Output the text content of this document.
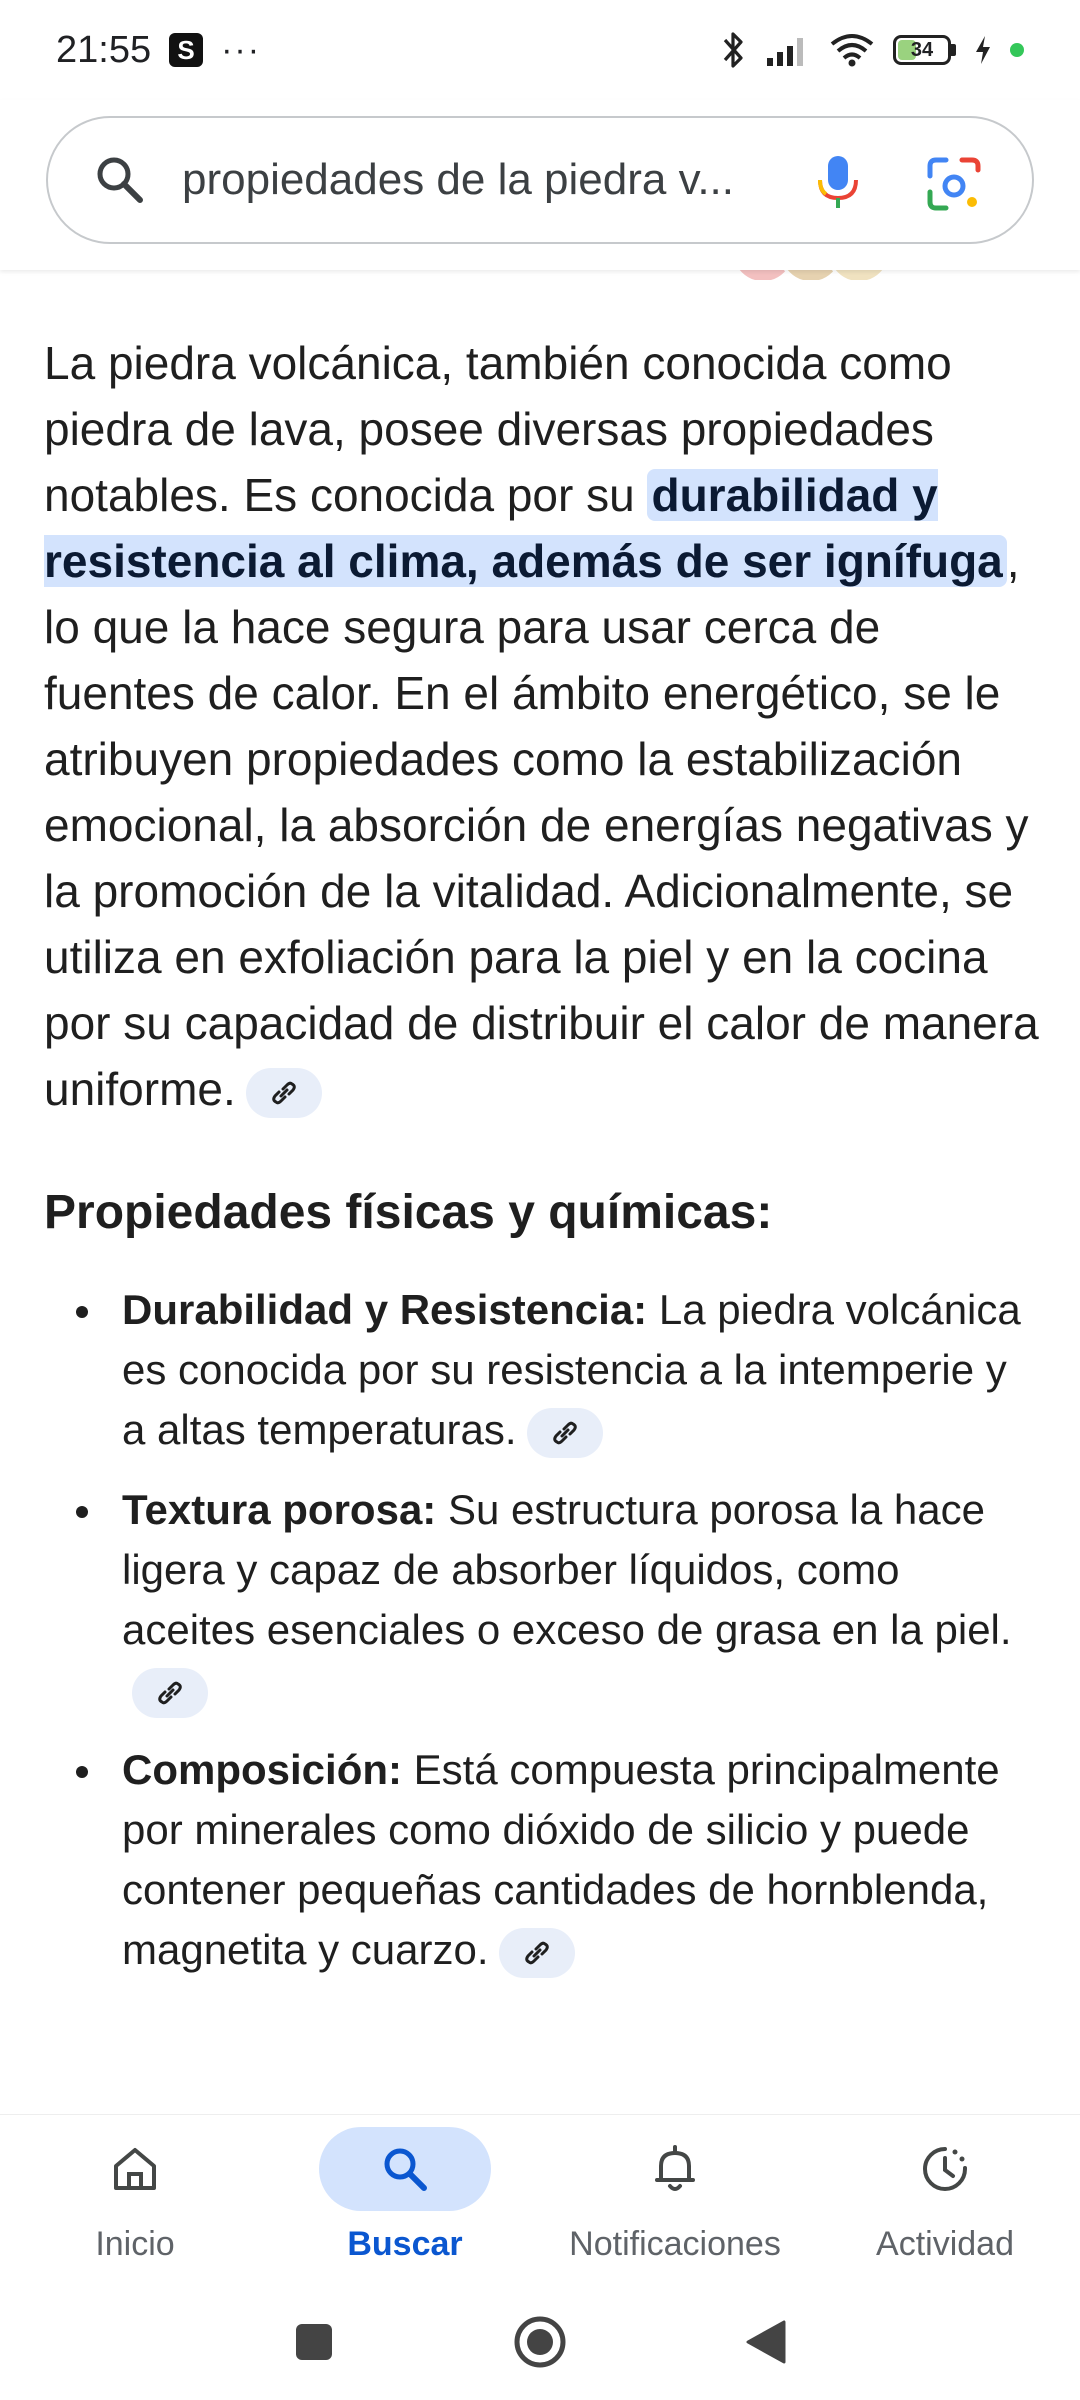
21:55	S ···	34
propiedades de la piedra v...

La piedra volcánica, también conocida como piedra de lava, posee diversas propiedades notables. Es conocida por su durabilidad y resistencia al clima, además de ser ignífuga, lo que la hace segura para usar cerca de fuentes de calor. En el ámbito energético, se le atribuyen propiedades como la estabilización emocional, la absorción de energías negativas y la promoción de la vitalidad. Adicionalmente, se utiliza en exfoliación para la piel y en la cocina por su capacidad de distribuir el calor de manera uniforme.

Propiedades físicas y químicas:
Durabilidad y Resistencia: La piedra volcánica es conocida por su resistencia a la intemperie y a altas temperaturas.
Textura porosa: Su estructura porosa la hace ligera y capaz de absorber líquidos, como aceites esenciales o exceso de grasa en la piel.
Composición: Está compuesta principalmente por minerales como dióxido de silicio y puede contener pequeñas cantidades de hornblenda, magnetita y cuarzo.
Inicio	Buscar	Notificaciones	Actividad
